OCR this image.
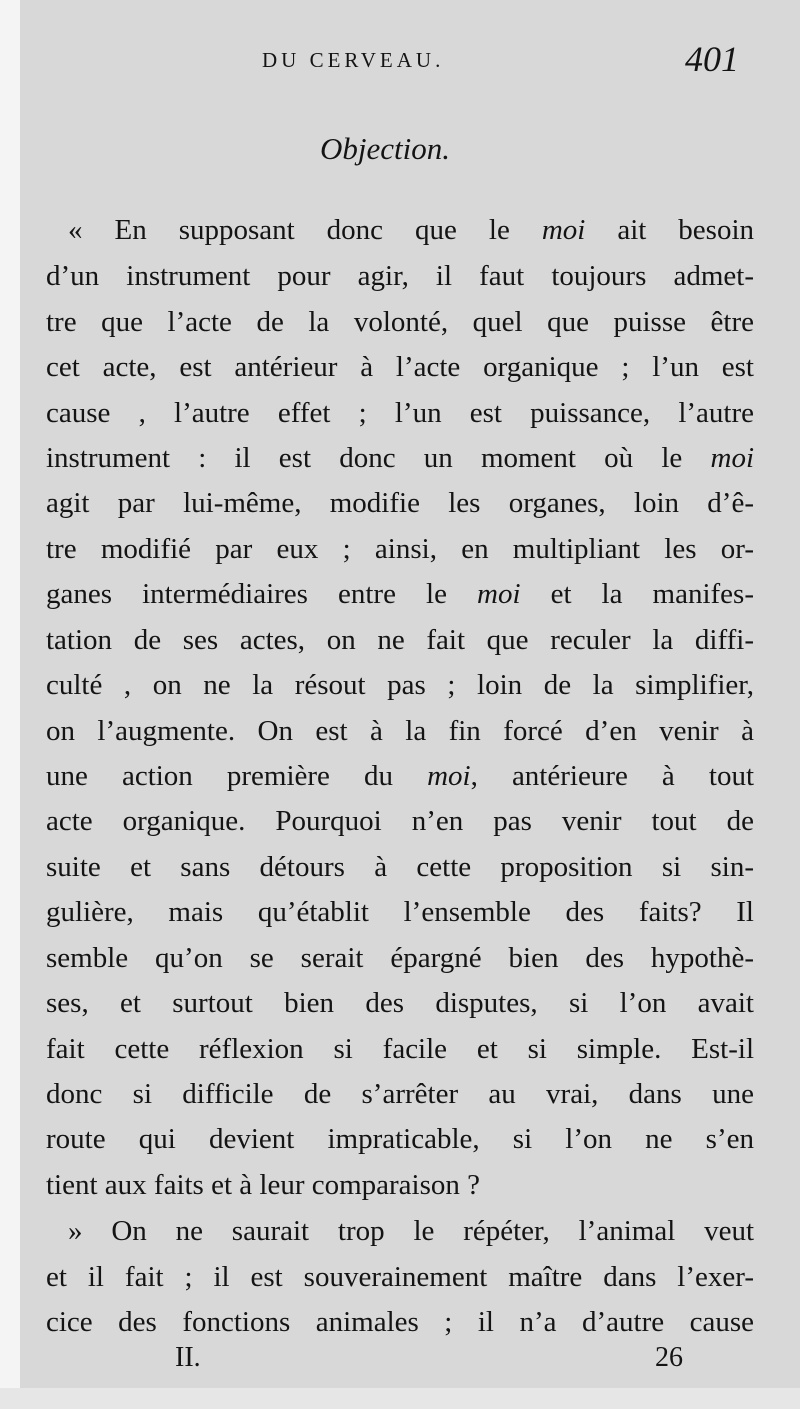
DU CERVEAU.	401
Objection.
« En supposant donc que le moi ait besoin
d’un instrument pour agir, il faut toujours admet-
tre que l’acte de la volonté, quel que puisse être
cet acte, est antérieur à l’acte organique ; l’un est
cause , l’autre effet ; l’un est puissance, l’autre
instrument : il est donc un moment où le moi
agit par lui-même, modifie les organes, loin d’ê-
tre modifié par eux ; ainsi, en multipliant les or-
ganes intermédiaires entre le moi et la manifes-
tation de ses actes, on ne fait que reculer la diffi-
culté , on ne la résout pas ; loin de la simplifier,
on l’augmente. On est à la fin forcé d’en venir à
une action première du moi, antérieure à tout
acte organique. Pourquoi n’en pas venir tout de
suite et sans détours à cette proposition si sin-
gulière, mais qu’établit l’ensemble des faits? Il
semble qu’on se serait épargné bien des hypothè-
ses, et surtout bien des disputes, si l’on avait
fait cette réflexion si facile et si simple. Est-il
donc si difficile de s’arrêter au vrai, dans une
route qui devient impraticable, si l’on ne s’en
tient aux faits et à leur comparaison ?
» On ne saurait trop le répéter, l’animal veut
et il fait ; il est souverainement maître dans l’exer-
cice des fonctions animales ; il n’a d’autre cause
II.	26
